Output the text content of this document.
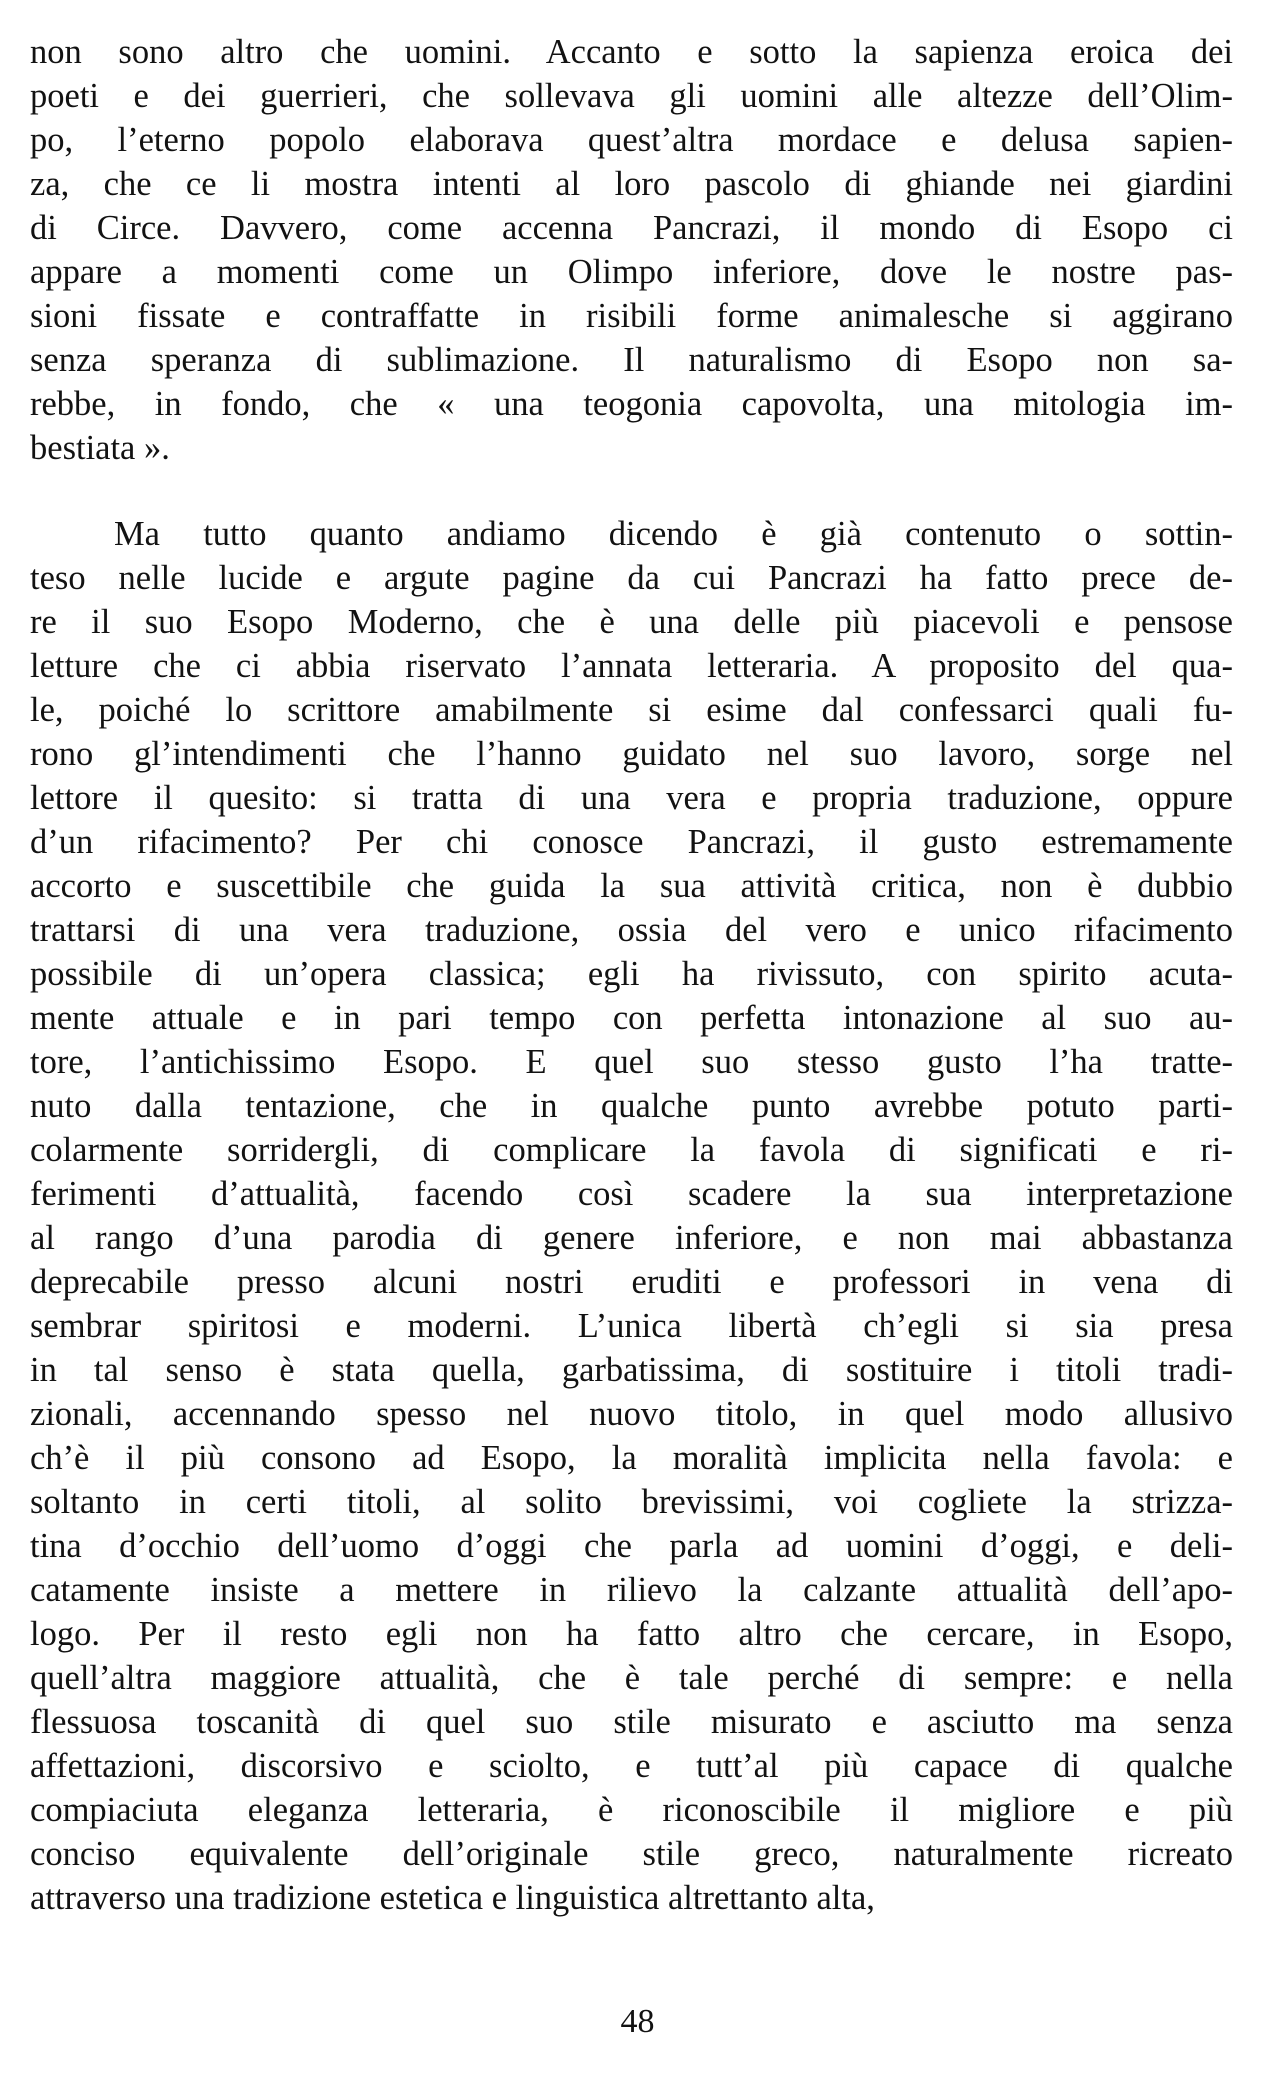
non sono altro che uomini. Accanto e sotto la sapienza eroica dei
poeti e dei guerrieri, che sollevava gli uomini alle altezze dell’Olim-
po, l’eterno popolo elaborava quest’altra mordace e delusa sapien-
za, che ce li mostra intenti al loro pascolo di ghiande nei giardini
di Circe. Davvero, come accenna Pancrazi, il mondo di Esopo ci
appare a momenti come un Olimpo inferiore, dove le nostre pas-
sioni fissate e contraffatte in risibili forme animalesche si aggirano
senza speranza di sublimazione. Il naturalismo di Esopo non sa-
rebbe, in fondo, che « una teogonia capovolta, una mitologia im-
bestiata ».
Ma tutto quanto andiamo dicendo è già contenuto o sottin-
teso nelle lucide e argute pagine da cui Pancrazi ha fatto prece de-
re il suo Esopo Moderno, che è una delle più piacevoli e pensose
letture che ci abbia riservato l’annata letteraria. A proposito del qua-
le, poiché lo scrittore amabilmente si esime dal confessarci quali fu-
rono gl’intendimenti che l’hanno guidato nel suo lavoro, sorge nel
lettore il quesito: si tratta di una vera e propria traduzione, oppure
d’un rifacimento? Per chi conosce Pancrazi, il gusto estremamente
accorto e suscettibile che guida la sua attività critica, non è dubbio
trattarsi di una vera traduzione, ossia del vero e unico rifacimento
possibile di un’opera classica; egli ha rivissuto, con spirito acuta-
mente attuale e in pari tempo con perfetta intonazione al suo au-
tore, l’antichissimo Esopo. E quel suo stesso gusto l’ha tratte-
nuto dalla tentazione, che in qualche punto avrebbe potuto parti-
colarmente sorridergli, di complicare la favola di significati e ri-
ferimenti d’attualità, facendo così scadere la sua interpretazione
al rango d’una parodia di genere inferiore, e non mai abbastanza
deprecabile presso alcuni nostri eruditi e professori in vena di
sembrar spiritosi e moderni. L’unica libertà ch’egli si sia presa
in tal senso è stata quella, garbatissima, di sostituire i titoli tradi-
zionali, accennando spesso nel nuovo titolo, in quel modo allusivo
ch’è il più consono ad Esopo, la moralità implicita nella favola: e
soltanto in certi titoli, al solito brevissimi, voi cogliete la strizza-
tina d’occhio dell’uomo d’oggi che parla ad uomini d’oggi, e deli-
catamente insiste a mettere in rilievo la calzante attualità dell’apo-
logo. Per il resto egli non ha fatto altro che cercare, in Esopo,
quell’altra maggiore attualità, che è tale perché di sempre: e nella
flessuosa toscanità di quel suo stile misurato e asciutto ma senza
affettazioni, discorsivo e sciolto, e tutt’al più capace di qualche
compiaciuta eleganza letteraria, è riconoscibile il migliore e più
conciso equivalente dell’originale stile greco, naturalmente ricreato
attraverso una tradizione estetica e linguistica altrettanto alta,
48
